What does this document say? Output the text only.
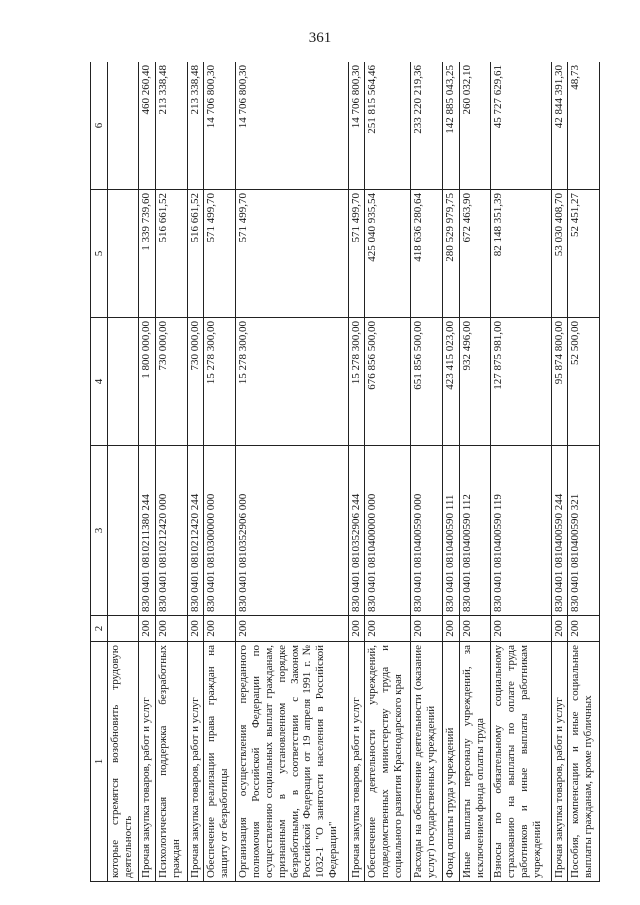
361
1	2	3	4	5	6
которые стремятся возобновить трудовую деятельность					
Прочая закупка товаров, работ и услуг	200	830 0401 0810211380 244	1 800 000,00	1 339 739,60	460 260,40
Психологическая поддержка безработных граждан	200	830 0401 0810212420 000	730 000,00	516 661,52	213 338,48
Прочая закупка товаров, работ и услуг	200	830 0401 0810212420 244	730 000,00	516 661,52	213 338,48
Обеспечение реализации права граждан на защиту от безработицы	200	830 0401 0810300000 000	15 278 300,00	571 499,70	14 706 800,30
Организация осуществления переданного полномочия Российской Федерации по осуществлению социальных выплат гражданам, признанным в установленном порядке безработными, в соответствии с Законом Российской Федерации от 19 апреля 1991 г. № 1032-1 "О занятости населения в Российской Федерации"	200	830 0401 0810352906 000	15 278 300,00	571 499,70	14 706 800,30
Прочая закупка товаров, работ и услуг	200	830 0401 0810352906 244	15 278 300,00	571 499,70	14 706 800,30
Обеспечение деятельности учреждений, подведомственных министерству труда и социального развития Краснодарского края	200	830 0401 0810400000 000	676 856 500,00	425 040 935,54	251 815 564,46
Расходы на обеспечение деятельности (оказание услуг) государственных учреждений	200	830 0401 0810400590 000	651 856 500,00	418 636 280,64	233 220 219,36
Фонд оплаты труда учреждений	200	830 0401 0810400590 111	423 415 023,00	280 529 979,75	142 885 043,25
Иные выплаты персоналу учреждений, за исключением фонда оплаты труда	200	830 0401 0810400590 112	932 496,00	672 463,90	260 032,10
Взносы по обязательному социальному страхованию на выплаты по оплате труда работников и иные выплаты работникам учреждений	200	830 0401 0810400590 119	127 875 981,00	82 148 351,39	45 727 629,61
Прочая закупка товаров, работ и услуг	200	830 0401 0810400590 244	95 874 800,00	53 030 408,70	42 844 391,30
Пособия, компенсации и иные социальные выплаты гражданам, кроме публичных	200	830 0401 0810400590 321	52 500,00	52 451,27	48,73
